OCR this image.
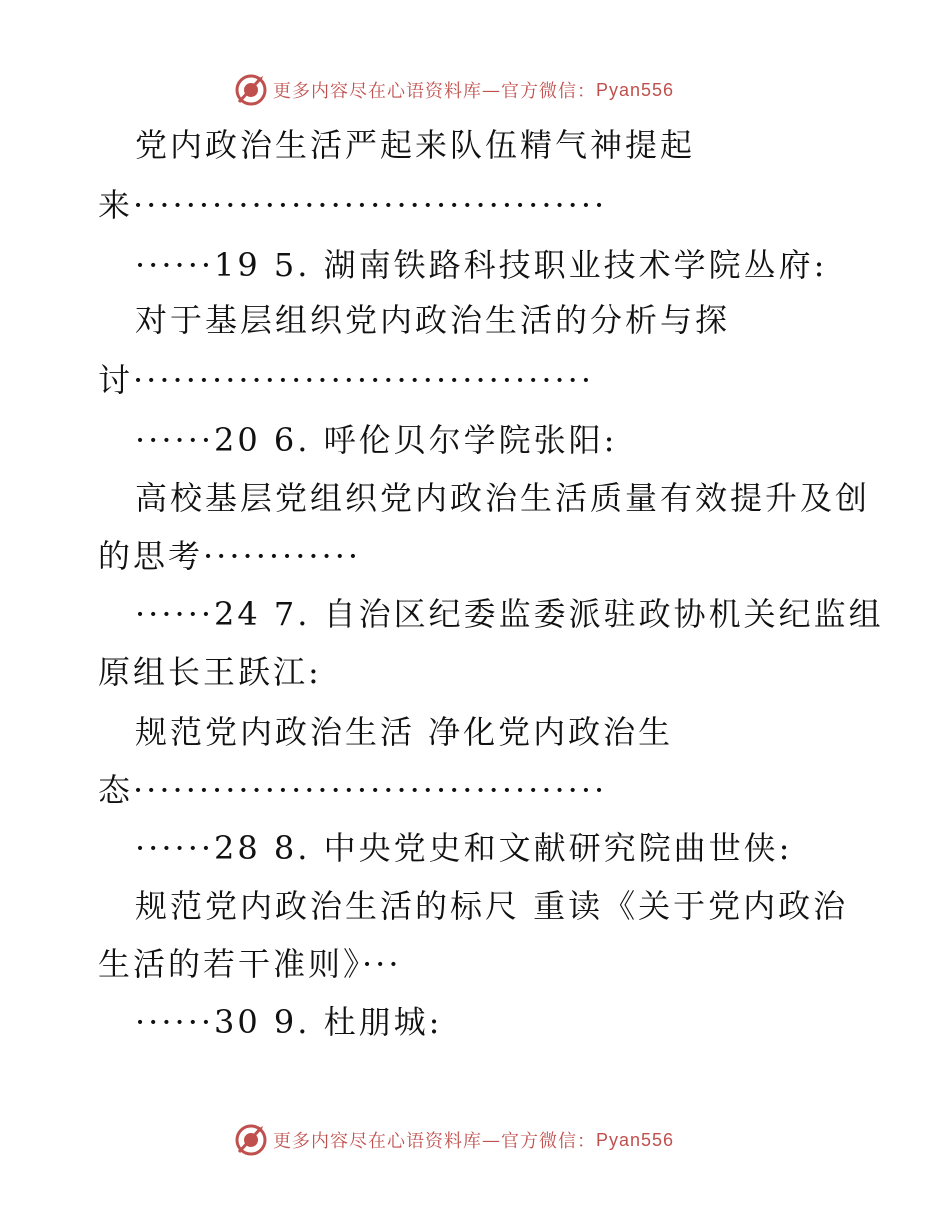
更多内容尽在心语资料库 — 官方微信： Pyan556
党内政治生活严起来队伍精气神提起
来····································
······19 5. 湖南铁路科技职业技术学院丛府:
对于基层组织党内政治生活的分析与探
讨···································
······20 6. 呼伦贝尔学院张阳:
高校基层党组织党内政治生活质量有效提升及创
的思考············
······24 7. 自治区纪委监委派驻政协机关纪监组
原组长王跃江:
规范党内政治生活 净化党内政治生
态····································
······28 8. 中央党史和文献研究院曲世侠:
规范党内政治生活的标尺 重读《关于党内政治
生活的若干准则》···
······30 9. 杜朋城:
更多内容尽在心语资料库 — 官方微信： Pyan556
